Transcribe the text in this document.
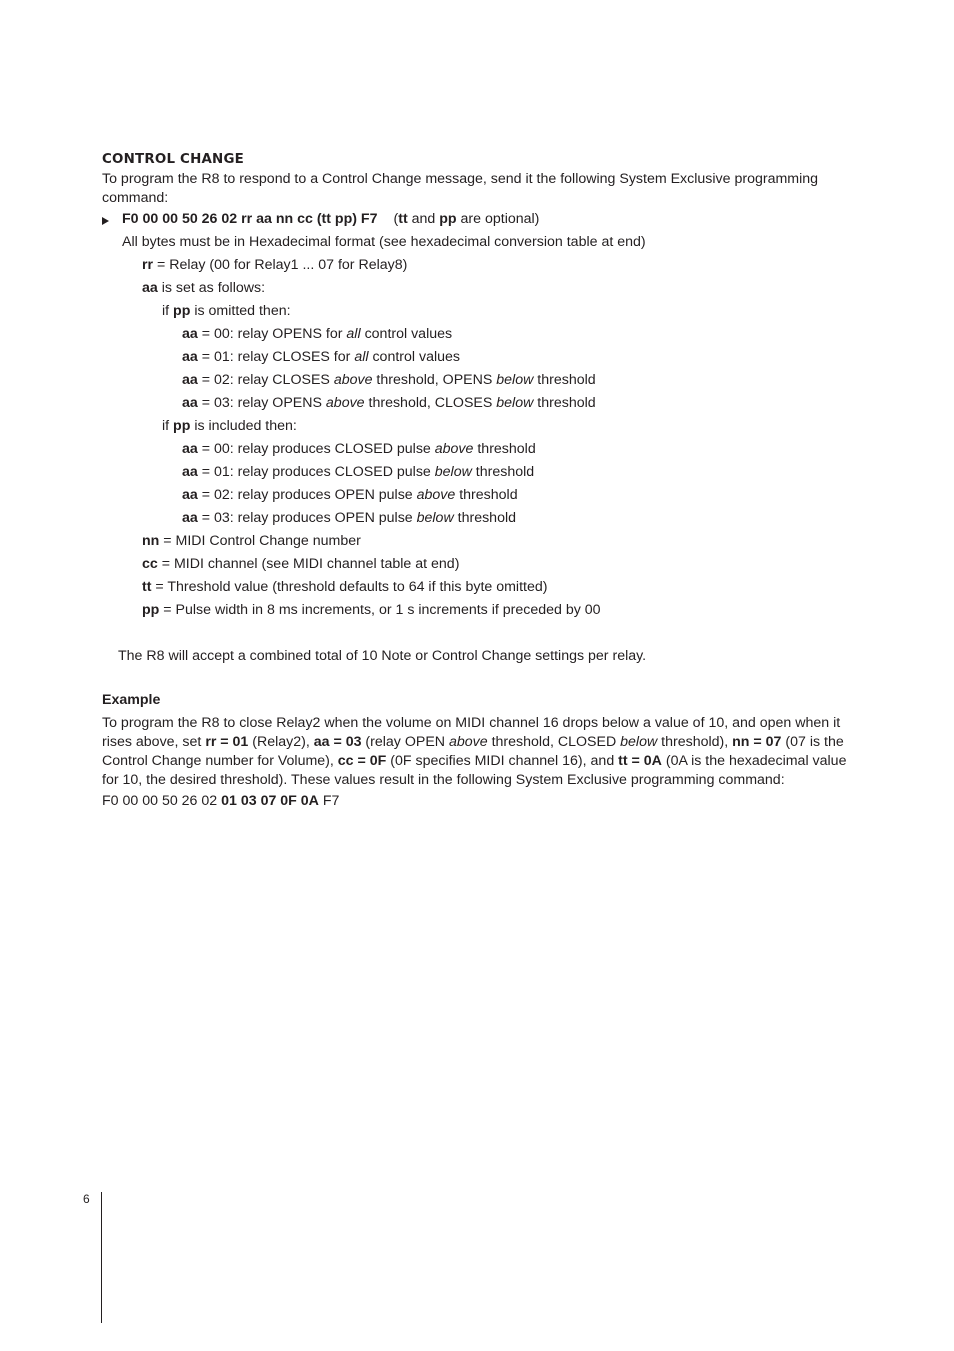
CONTROL CHANGE

To program the R8 to respond to a Control Change message, send it the following System Exclusive programming command:

F0 00 00 50 26 02 rr aa nn cc (tt pp) F7 (tt and pp are optional)
All bytes must be in Hexadecimal format (see hexadecimal conversion table at end)
rr = Relay (00 for Relay1 ... 07 for Relay8)
aa is set as follows:
if pp is omitted then:
aa = 00: relay OPENS for all control values
aa = 01: relay CLOSES for all control values
aa = 02: relay CLOSES above threshold, OPENS below threshold
aa = 03: relay OPENS above threshold, CLOSES below threshold
if pp is included then:
aa = 00: relay produces CLOSED pulse above threshold
aa = 01: relay produces CLOSED pulse below threshold
aa = 02: relay produces OPEN pulse above threshold
aa = 03: relay produces OPEN pulse below threshold
nn = MIDI Control Change number
cc = MIDI channel (see MIDI channel table at end)
tt = Threshold value (threshold defaults to 64 if this byte omitted)
pp = Pulse width in 8 ms increments, or 1 s increments if preceded by 00
The R8 will accept a combined total of 10 Note or Control Change settings per relay.
Example

To program the R8 to close Relay2 when the volume on MIDI channel 16 drops below a value of 10, and open when it rises above, set rr = 01 (Relay2), aa = 03 (relay OPEN above threshold, CLOSED below threshold), nn = 07 (07 is the Control Change number for Volume), cc = 0F (0F specifies MIDI channel 16), and tt = 0A (0A is the hexadecimal value for 10, the desired threshold). These values result in the following System Exclusive programming command:

F0 00 00 50 26 02 01 03 07 0F 0A F7
6
